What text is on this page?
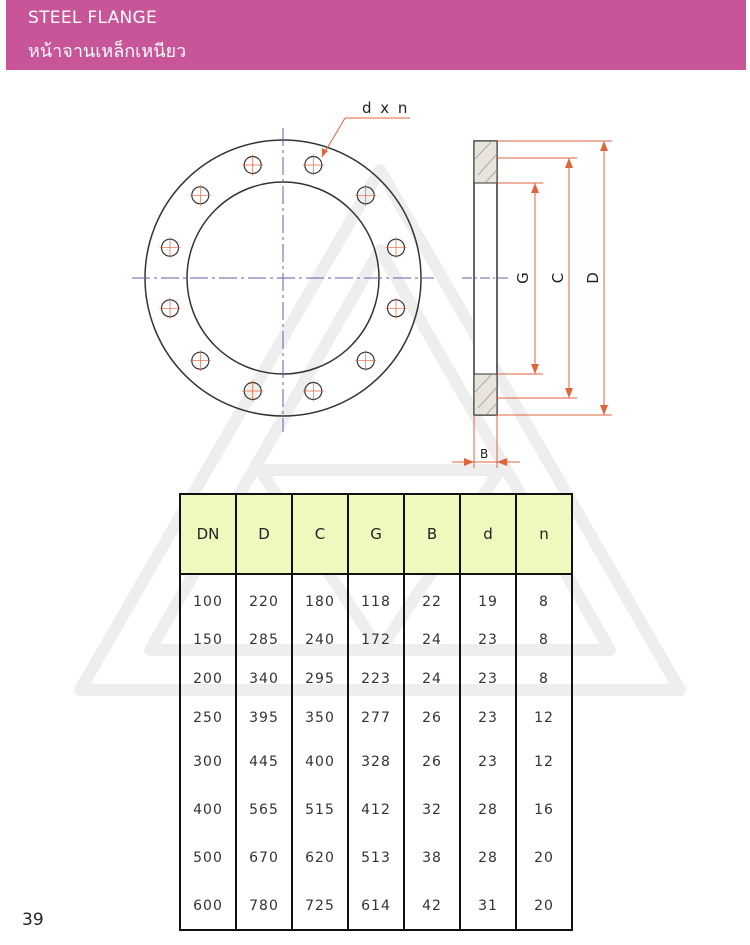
STEEL FLANGE
หน้าจานเหล็กเหนียว
d x n
G C D
B
DN	D	C	G	B	d	n
100	220	180	118	22	19	8
150	285	240	172	24	23	8
200	340	295	223	24	23	8
250	395	350	277	26	23	12
300	445	400	328	26	23	12
400	565	515	412	32	28	16
500	670	620	513	38	28	20
600	780	725	614	42	31	20
39
